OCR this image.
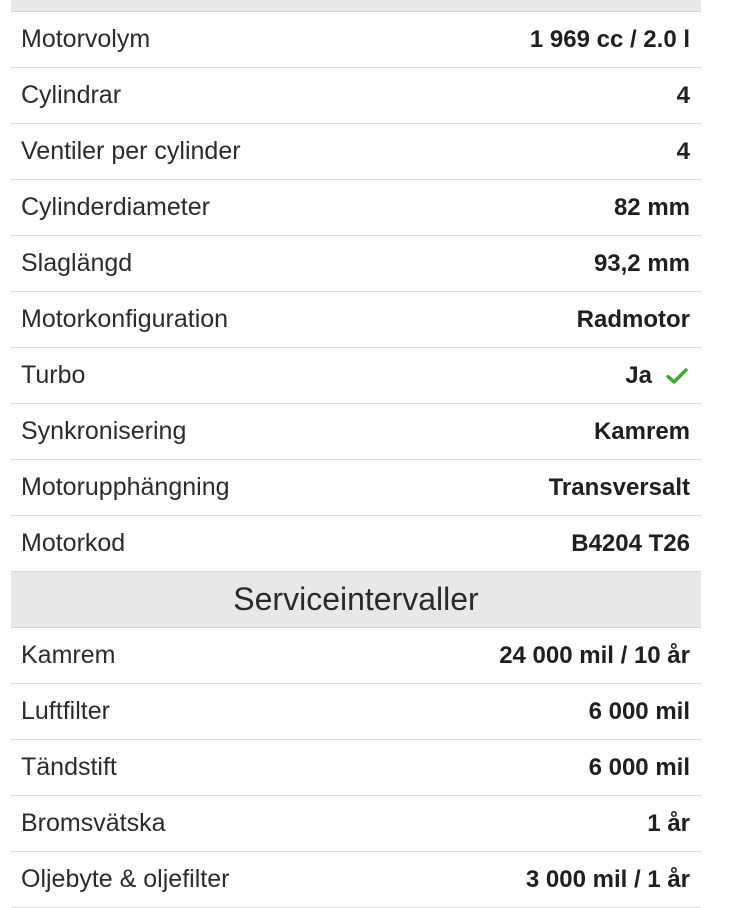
Motorvolym	1 969 cc / 2.0 l
Cylindrar	4
Ventiler per cylinder	4
Cylinderdiameter	82 mm
Slaglängd	93,2 mm
Motorkonfiguration	Radmotor
Turbo	Ja
Synkronisering	Kamrem
Motorupphängning	Transversalt
Motorkod	B4204 T26
Serviceintervaller
Kamrem	24 000 mil / 10 år
Luftfilter	6 000 mil
Tändstift	6 000 mil
Bromsvätska	1 år
Oljebyte & oljefilter	3 000 mil / 1 år
